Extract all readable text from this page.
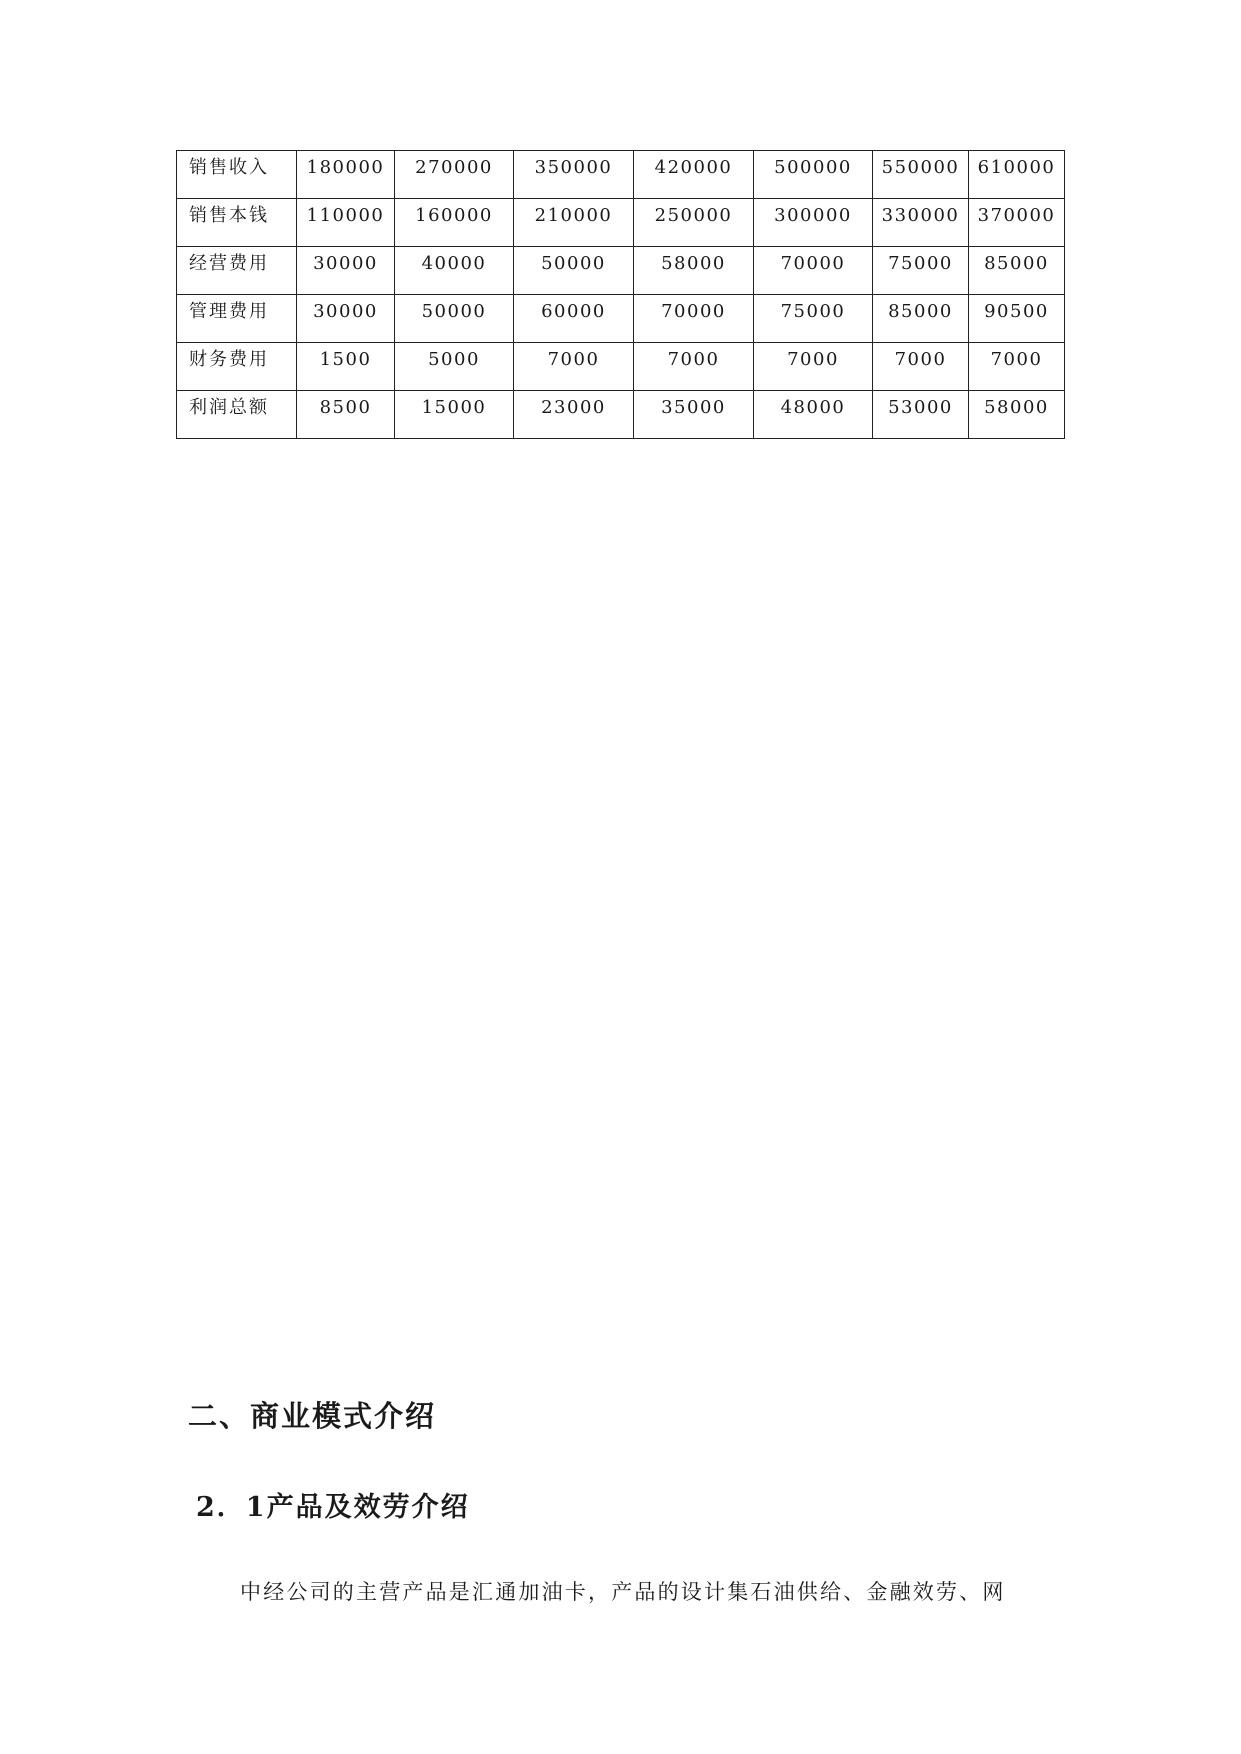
销售收入	180000	270000	350000	420000	500000	550000	610000

销售本钱	110000	160000	210000	250000	300000	330000	370000

经营费用	30000	40000	50000	58000	70000	75000	85000

管理费用	30000	50000	60000	70000	75000	85000	90500

财务费用	1500	5000	7000	7000	7000	7000	7000

利润总额	8500	15000	23000	35000	48000	53000	58000
二、商业模式介绍
2．1产品及效劳介绍

中经公司的主营产品是汇通加油卡，产品的设计集石油供给、金融效劳、网
